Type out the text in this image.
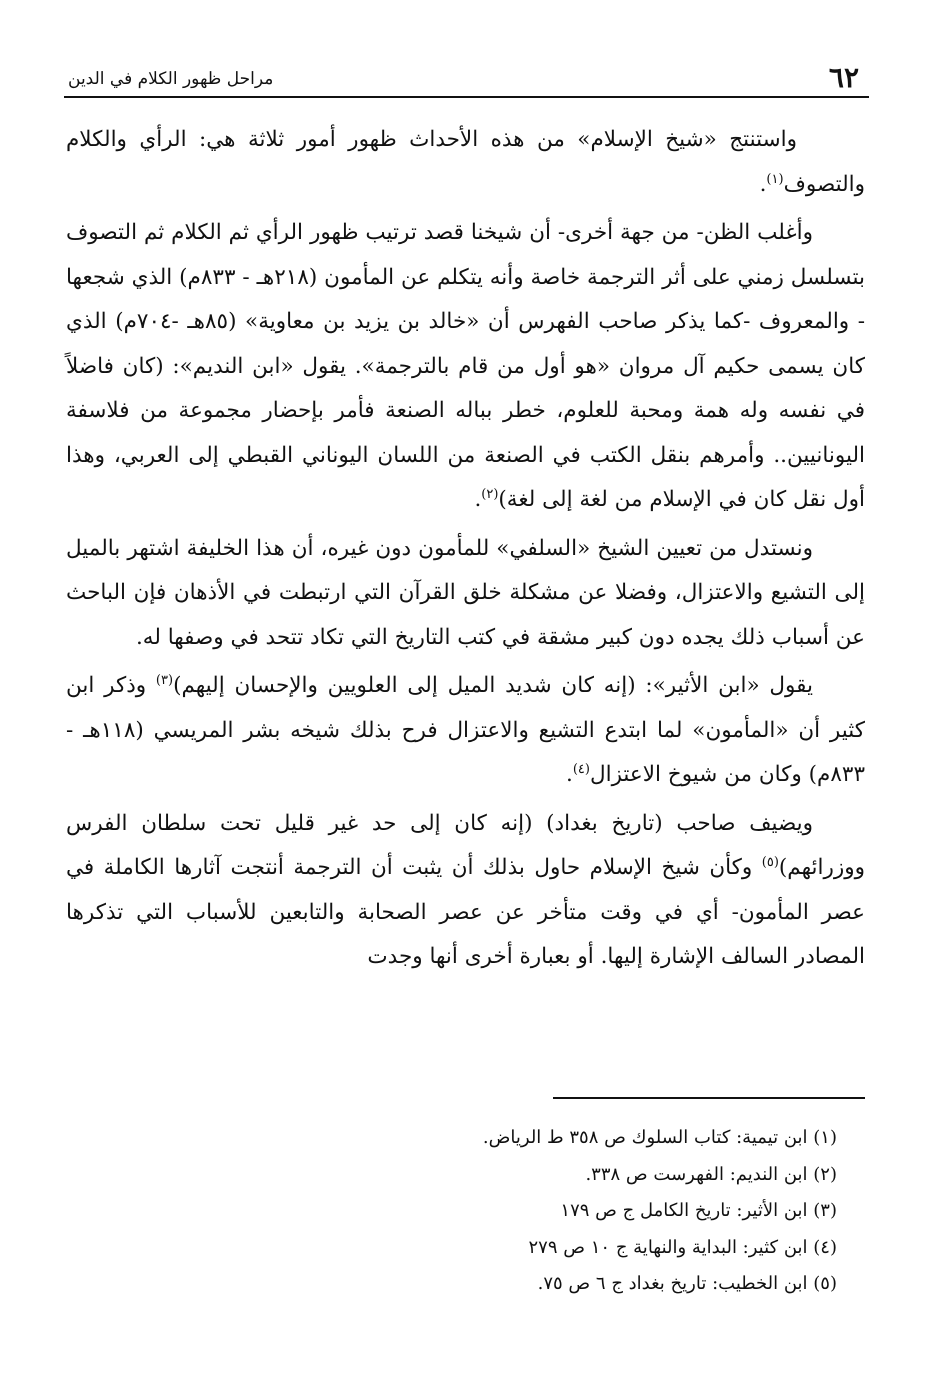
٦٢
مراحل ظهور الكلام في الدين

واستنتج «شيخ الإسلام» من هذه الأحداث ظهور أمور ثلاثة هي: الرأي والكلام والتصوف$^{(١)}$.

وأغلب الظن- من جهة أخرى- أن شيخنا قصد ترتيب ظهور الرأي ثم الكلام ثم التصوف بتسلسل زمني على أثر الترجمة خاصة وأنه يتكلم عن المأمون (٢١٨هـ - ٨٣٣م) الذي شجعها - والمعروف -كما يذكر صاحب الفهرس أن «خالد بن يزيد بن معاوية» (٨٥هـ -٧٠٤م) الذي كان يسمى حكيم آل مروان «هو أول من قام بالترجمة». يقول «ابن النديم»: (كان فاضلاً في نفسه وله همة ومحبة للعلوم، خطر بباله الصنعة فأمر بإحضار مجموعة من فلاسفة اليونانيين.. وأمرهم بنقل الكتب في الصنعة من اللسان اليوناني القبطي إلى العربي، وهذا أول نقل كان في الإسلام من لغة إلى لغة)$^{(٢)}$.

ونستدل من تعيين الشيخ «السلفي» للمأمون دون غيره، أن هذا الخليفة اشتهر بالميل إلى التشيع والاعتزال، وفضلا عن مشكلة خلق القرآن التي ارتبطت في الأذهان فإن الباحث عن أسباب ذلك يجده دون كبير مشقة في كتب التاريخ التي تكاد تتحد في وصفها له.

يقول «ابن الأثير»: (إنه كان شديد الميل إلى العلويين والإحسان إليهم)$^{(٣)}$ وذكر ابن كثير أن «المأمون» لما ابتدع التشيع والاعتزال فرح بذلك شيخه بشر المريسي (١١٨هـ - ٨٣٣م) وكان من شيوخ الاعتزال$^{(٤)}$.

ويضيف صاحب (تاريخ بغداد) (إنه كان إلى حد غير قليل تحت سلطان الفرس ووزرائهم)$^{(٥)}$ وكأن شيخ الإسلام حاول بذلك أن يثبت أن الترجمة أنتجت آثارها الكاملة في عصر المأمون- أي في وقت متأخر عن عصر الصحابة والتابعين للأسباب التي تذكرها المصادر السالف الإشارة إليها. أو بعبارة أخرى أنها وجدت

(١) ابن تيمية: كتاب السلوك ص ٣٥٨ ط الرياض.
(٢) ابن النديم: الفهرست ص ٣٣٨.
(٣) ابن الأثير: تاريخ الكامل ج ص ١٧٩
(٤) ابن كثير: البداية والنهاية ج ١٠ ص ٢٧٩
(٥) ابن الخطيب: تاريخ بغداد ج ٦ ص ٧٥.
